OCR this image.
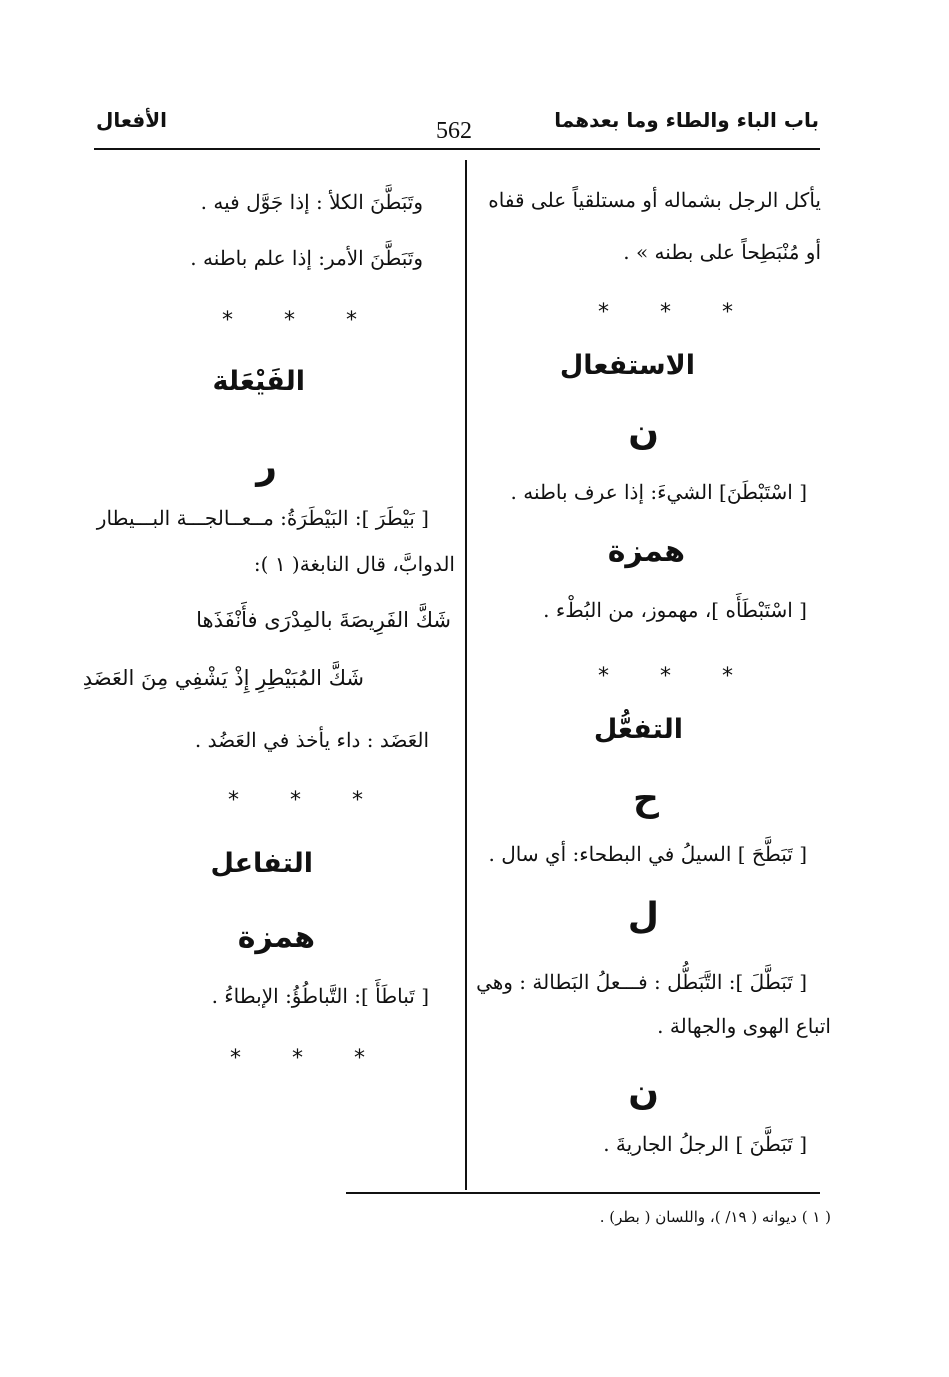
باب الباء والطاء وما بعدهما
562
الأفعال
يأكل الرجل بشماله أو مستلقياً على قفاه
أو مُنْبَطِحاً على بطنه » .
* * *
الاستفعال
ن
[ اسْتَبْطَنَ] الشيءَ: إذا عرف باطنه .
همزة
[ اسْتَبْطَأَه ]، مهموز، من البُطْء .
* * *
التفعُّل
ح
[ تَبَطَّحَ ] السيلُ في البطحاء: أي سال .
ل
[ تَبَطَّلَ ]: التَّبَطُّل : فـــعلُ البَطالة : وهي
اتباع الهوى والجهالة .
ن
[ تَبَطَّنَ ] الرجلُ الجاريةَ .
وتَبَطَّنَ الكلأ : إذا جَوَّل فيه .
وتَبَطَّنَ الأمر: إذا علم باطنه .
* * *
الفَيْعَلة
ر
[ بَيْطَرَ ]: البَيْطَرَةُ: مــعــالجـــة البـــيطار
الدوابَّ، قال النابغة( ١ ):
شَكَّ الفَرِيصَةَ بالمِدْرَى فأَنْفَذَها
شَكَّ المُبَيْطِرِ إِذْ يَشْفِي مِنَ العَضَدِ
العَضَد : داء يأخذ في العَضُد .
* * *
التفاعل
همزة
[ تَباطَأَ ]: التَّباطُؤُ: الإبطاءُ .
* * *
( ١ ) ديوانه ( ١٩/ )، واللسان ( بطر) .
